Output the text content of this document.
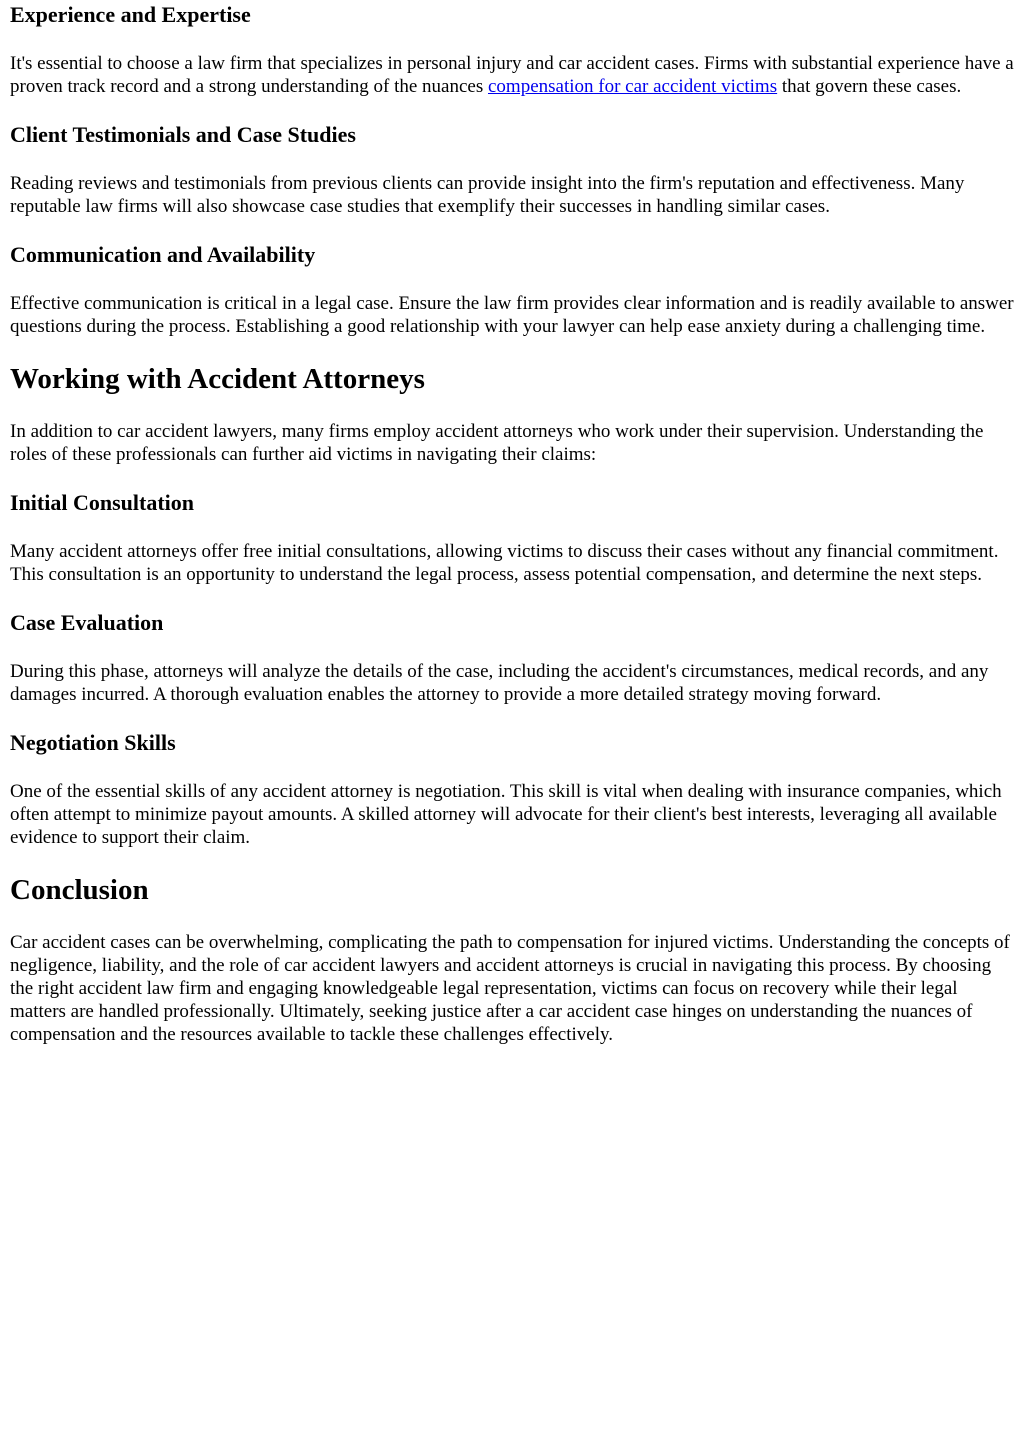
Experience and Expertise

It's essential to choose a law firm that specializes in personal injury and car accident cases. Firms with substantial experience have a proven track record and a strong understanding of the nuances compensation for car accident victims that govern these cases.

Client Testimonials and Case Studies

Reading reviews and testimonials from previous clients can provide insight into the firm's reputation and effectiveness. Many reputable law firms will also showcase case studies that exemplify their successes in handling similar cases.

Communication and Availability

Effective communication is critical in a legal case. Ensure the law firm provides clear information and is readily available to answer questions during the process. Establishing a good relationship with your lawyer can help ease anxiety during a challenging time.

Working with Accident Attorneys

In addition to car accident lawyers, many firms employ accident attorneys who work under their supervision. Understanding the roles of these professionals can further aid victims in navigating their claims:

Initial Consultation

Many accident attorneys offer free initial consultations, allowing victims to discuss their cases without any financial commitment. This consultation is an opportunity to understand the legal process, assess potential compensation, and determine the next steps.

Case Evaluation

During this phase, attorneys will analyze the details of the case, including the accident's circumstances, medical records, and any damages incurred. A thorough evaluation enables the attorney to provide a more detailed strategy moving forward.

Negotiation Skills

One of the essential skills of any accident attorney is negotiation. This skill is vital when dealing with insurance companies, which often attempt to minimize payout amounts. A skilled attorney will advocate for their client's best interests, leveraging all available evidence to support their claim.

Conclusion

Car accident cases can be overwhelming, complicating the path to compensation for injured victims. Understanding the concepts of negligence, liability, and the role of car accident lawyers and accident attorneys is crucial in navigating this process. By choosing the right accident law firm and engaging knowledgeable legal representation, victims can focus on recovery while their legal matters are handled professionally. Ultimately, seeking justice after a car accident case hinges on understanding the nuances of compensation and the resources available to tackle these challenges effectively.
